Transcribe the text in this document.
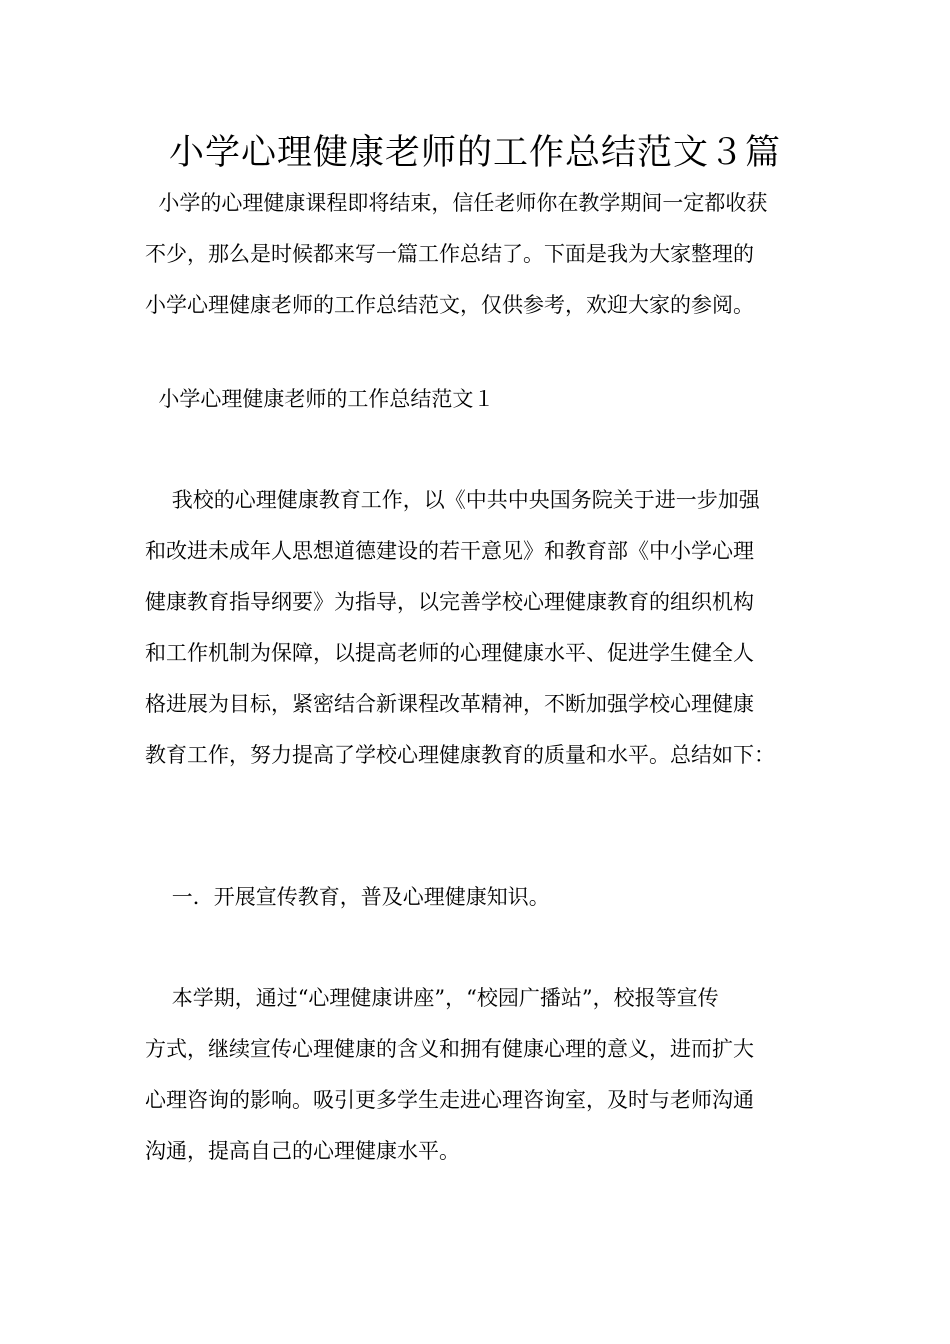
小学心理健康老师的工作总结范文３篇
小学的心理健康课程即将结束，信任老师你在教学期间一定都收获
不少，那么是时候都来写一篇工作总结了。下面是我为大家整理的
小学心理健康老师的工作总结范文，仅供参考，欢迎大家的参阅。
小学心理健康老师的工作总结范文１
我校的心理健康教育工作，以《中共中央国务院关于进一步加强
和改进未成年人思想道德建设的若干意见》和教育部《中小学心理
健康教育指导纲要》为指导，以完善学校心理健康教育的组织机构
和工作机制为保障，以提高老师的心理健康水平、促进学生健全人
格进展为目标，紧密结合新课程改革精神，不断加强学校心理健康
教育工作，努力提高了学校心理健康教育的质量和水平。总结如下：
一．开展宣传教育，普及心理健康知识。
本学期，通过“心理健康讲座”，“校园广播站”，校报等宣传
方式，继续宣传心理健康的含义和拥有健康心理的意义，进而扩大
心理咨询的影响。吸引更多学生走进心理咨询室，及时与老师沟通
沟通，提高自己的心理健康水平。
